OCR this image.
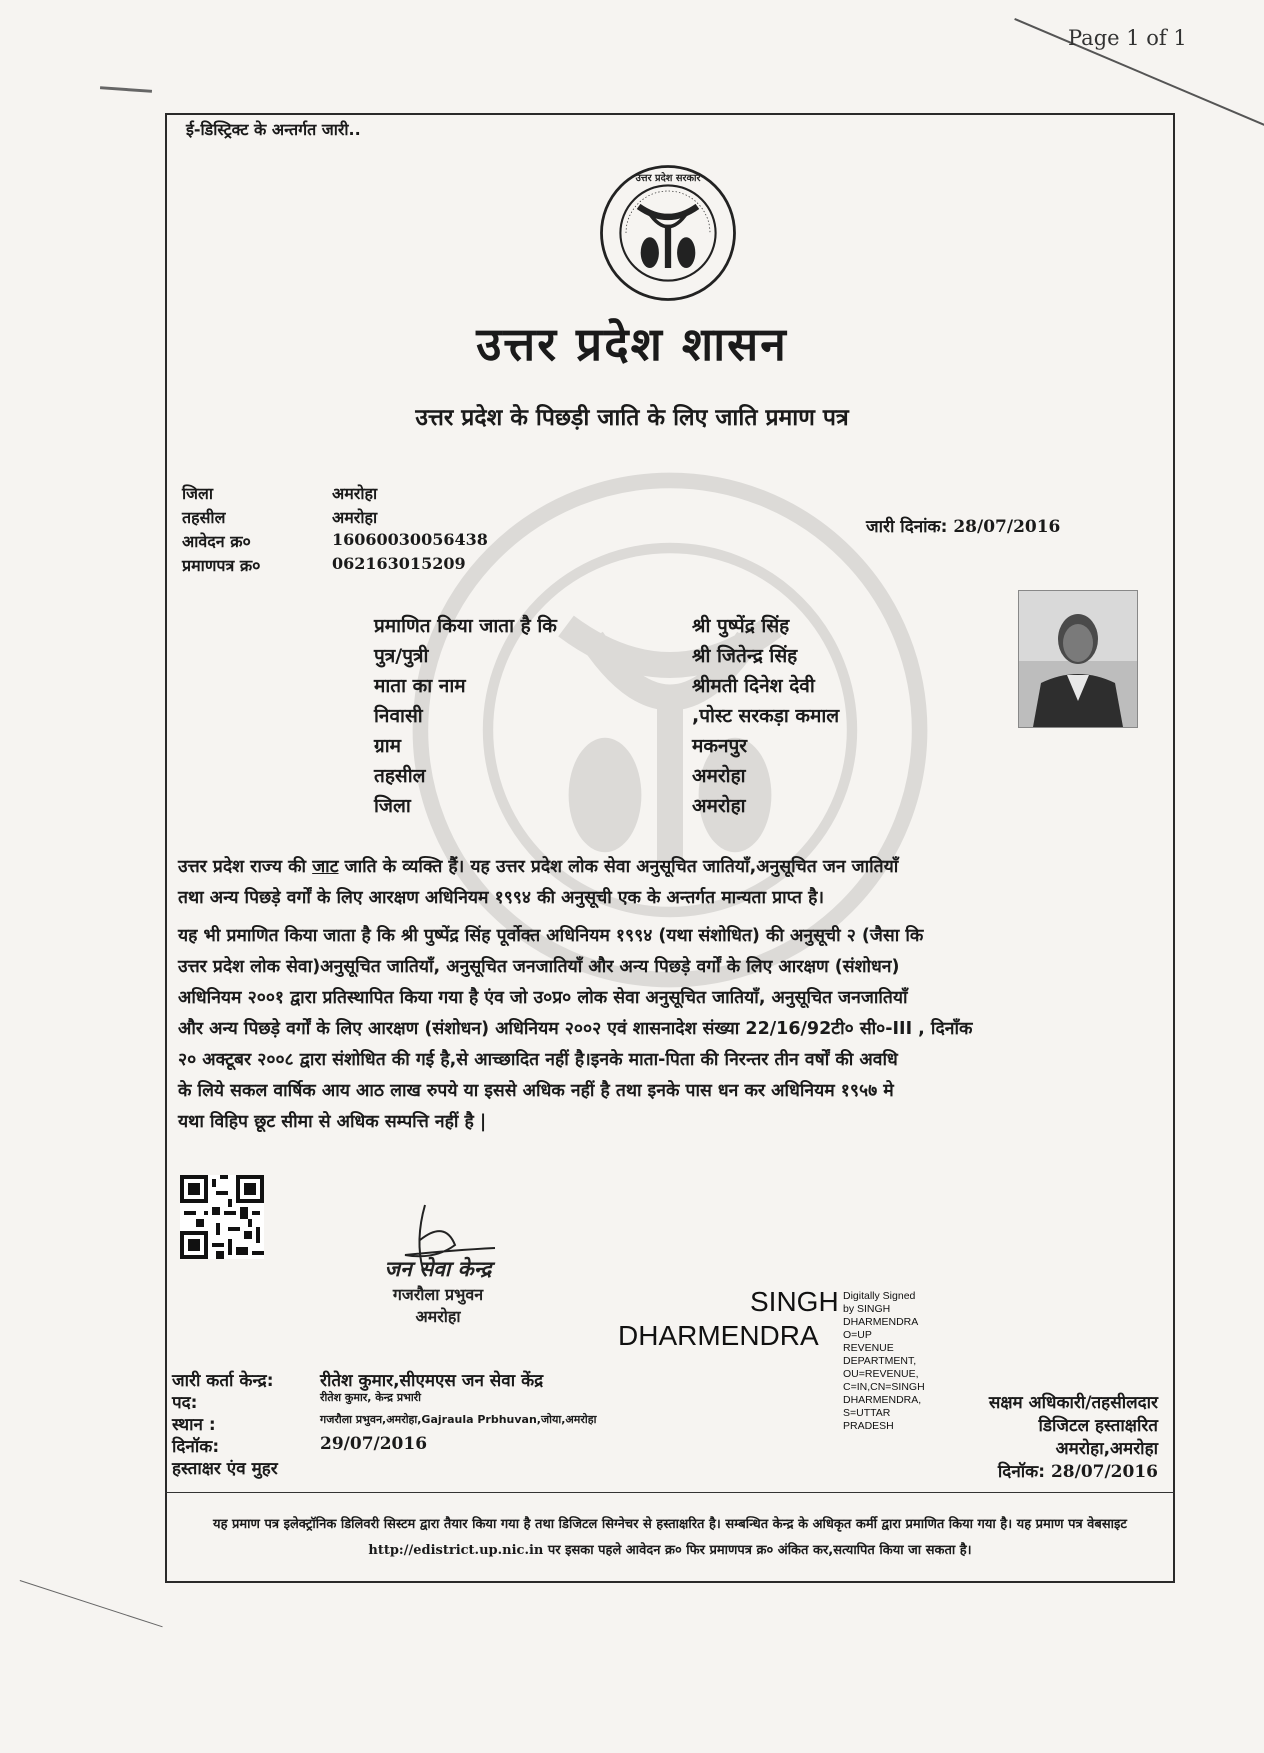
Page 1 of 1
ई-डिस्ट्रिक्ट के अन्तर्गत जारी..
उत्तर प्रदेश सरकार
उत्तर प्रदेश शासन
उत्तर प्रदेश के पिछड़ी जाति के लिए जाति प्रमाण पत्र
जिला	अमरोहा
तहसील	अमरोहा
आवेदन क्र०	16060030056438
प्रमाणपत्र क्र०	062163015209
जारी दिनांक: 28/07/2016
प्रमाणित किया जाता है कि	श्री पुष्पेंद्र सिंह
पुत्र/पुत्री	श्री जितेन्द्र सिंह
माता का नाम	श्रीमती दिनेश देवी
निवासी	,पोस्ट सरकड़ा कमाल
ग्राम	मकनपुर
तहसील	अमरोहा
जिला	अमरोहा
उत्तर प्रदेश राज्य की जाट जाति के व्यक्ति हैं। यह उत्तर प्रदेश लोक सेवा अनुसूचित जातियाँ,अनुसूचित जन जातियाँ
तथा अन्य पिछड़े वर्गों के लिए आरक्षण अधिनियम १९९४ की अनुसूची एक के अन्तर्गत मान्यता प्राप्त है।
यह भी प्रमाणित किया जाता है कि श्री पुष्पेंद्र सिंह पूर्वोक्त अधिनियम १९९४ (यथा संशोधित) की अनुसूची २ (जैसा कि
उत्तर प्रदेश लोक सेवा)अनुसूचित जातियाँ, अनुसूचित जनजातियाँ और अन्य पिछड़े वर्गों के लिए आरक्षण (संशोधन)
अधिनियम २००१ द्वारा प्रतिस्थापित किया गया है एंव जो उ०प्र० लोक सेवा अनुसूचित जातियाँ, अनुसूचित जनजातियाँ
और अन्य पिछड़े वर्गों के लिए आरक्षण (संशोधन) अधिनियम २००२ एवं शासनादेश संख्या 22/16/92टी० सी०-III , दिनाँक
२० अक्टूबर २००८ द्वारा संशोधित की गई है,से आच्छादित नहीं है।इनके माता-पिता की निरन्तर तीन वर्षों की अवधि
के लिये सकल वार्षिक आय आठ लाख रुपये या इससे अधिक नहीं है तथा इनके पास धन कर अधिनियम १९५७ मे
यथा विहिप छूट सीमा से अधिक सम्पत्ति नहीं है |
जन सेवा केन्द्र
गजरौला प्रभुवन
अमरोहा	SINGH
DHARMENDRA
Digitally Signed
by SINGH
DHARMENDRA
O=UP
REVENUE
DEPARTMENT,
OU=REVENUE,
C=IN,CN=SINGH
DHARMENDRA,
S=UTTAR
PRADESH
जारी कर्ता केन्द्र:	रीतेश कुमार,सीएमएस जन सेवा केंद्र
पद:	रीतेश कुमार, केन्द्र प्रभारी
स्थान :	गजरौला प्रभुवन,अमरोहा,Gajraula Prbhuvan,जोया,अमरोहा
दिनॉक:	29/07/2016
हस्ताक्षर एंव मुहर
सक्षम अधिकारी/तहसीलदार
डिजिटल हस्ताक्षरित
अमरोहा,अमरोहा
दिनॉक: 28/07/2016
यह प्रमाण पत्र इलेक्ट्रॉनिक डिलिवरी सिस्टम द्वारा तैयार किया गया है तथा डिजिटल सिग्नेचर से हस्ताक्षरित है। सम्बन्धित केन्द्र के अधिकृत कर्मी द्वारा प्रमाणित किया गया है। यह प्रमाण पत्र वेबसाइट http://edistrict.up.nic.in पर इसका पहले आवेदन क्र० फिर प्रमाणपत्र क्र० अंकित कर,सत्यापित किया जा सकता है।
